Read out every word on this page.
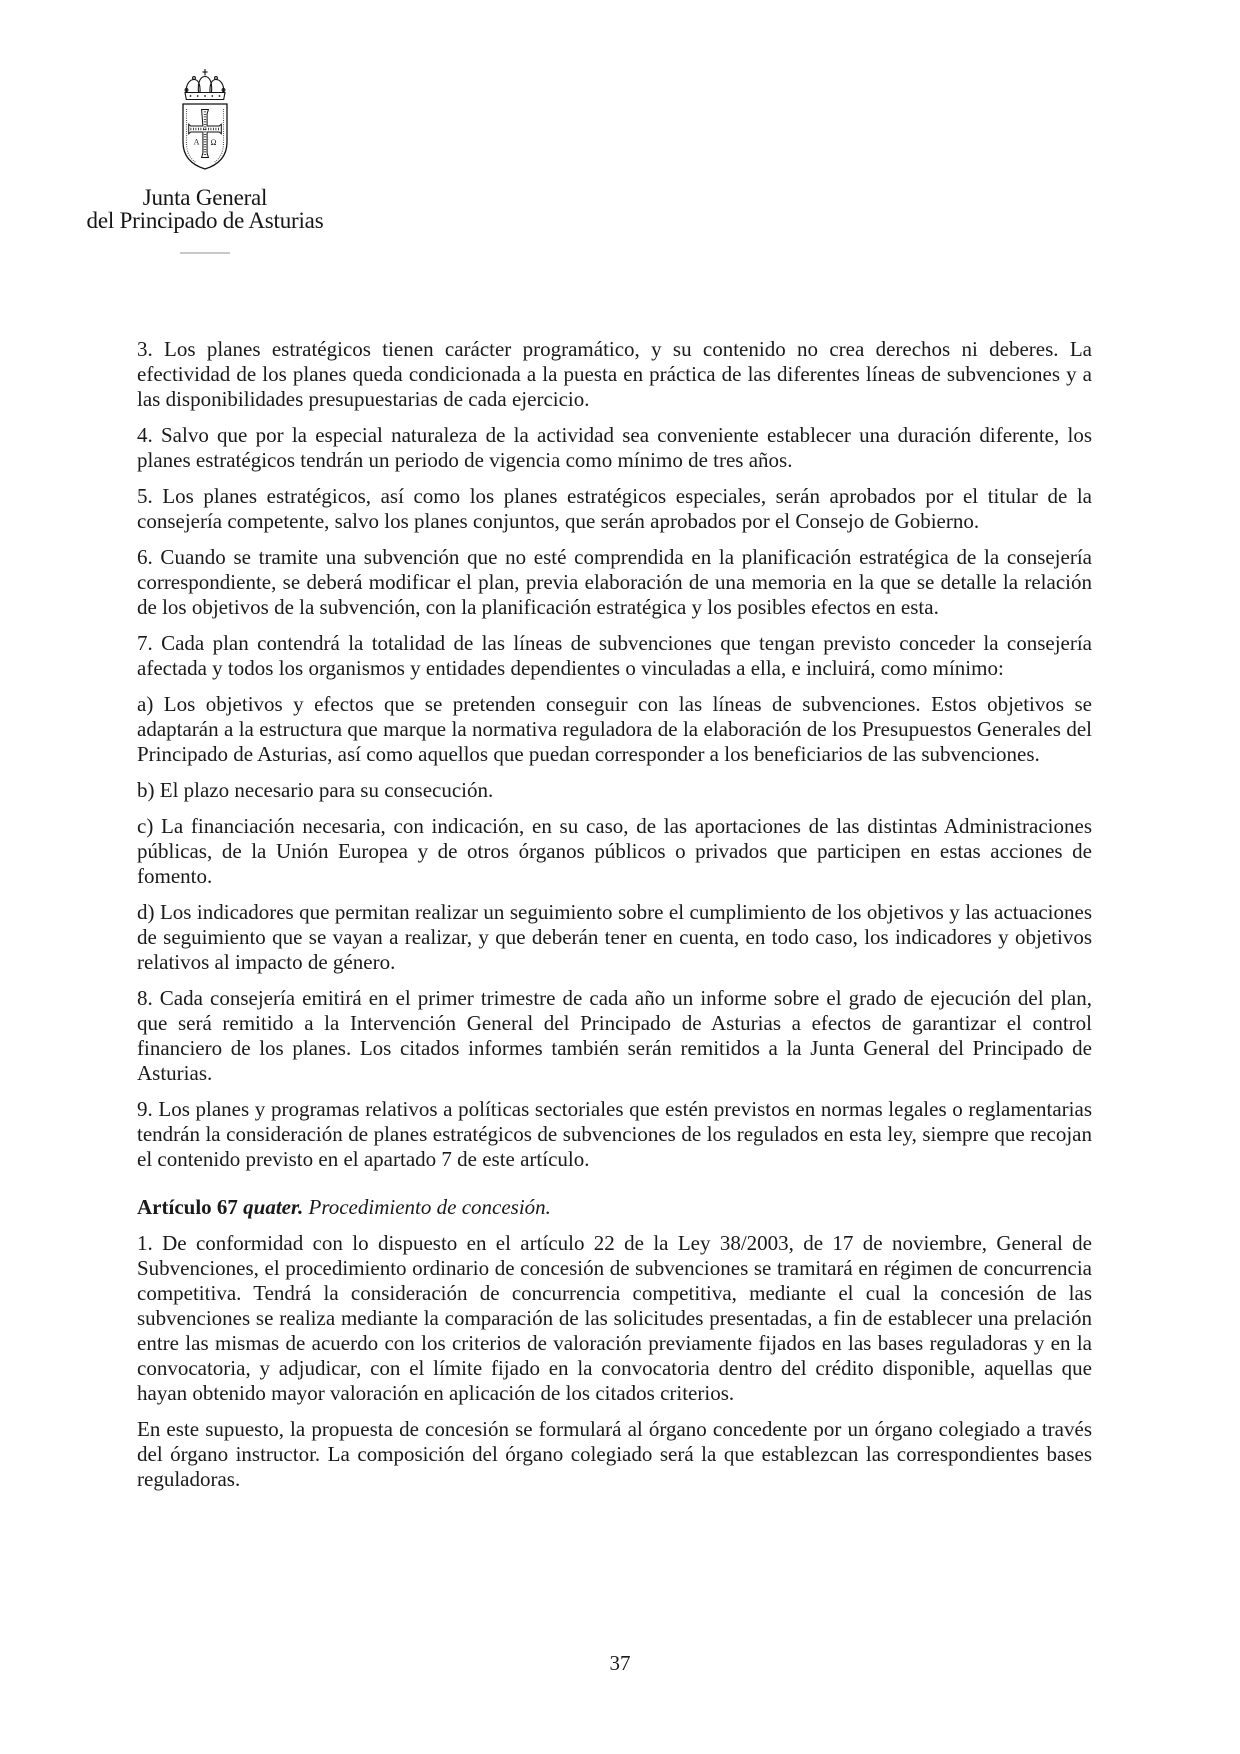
Α Ω
Junta General
del Principado de Asturias

3. Los planes estratégicos tienen carácter programático, y su contenido no crea derechos ni deberes. La efectividad de los planes queda condicionada a la puesta en práctica de las diferentes líneas de subvenciones y a las disponibilidades presupuestarias de cada ejercicio.

4. Salvo que por la especial naturaleza de la actividad sea conveniente establecer una duración diferente, los planes estratégicos tendrán un periodo de vigencia como mínimo de tres años.

5. Los planes estratégicos, así como los planes estratégicos especiales, serán aprobados por el titular de la consejería competente, salvo los planes conjuntos, que serán aprobados por el Consejo de Gobierno.

6. Cuando se tramite una subvención que no esté comprendida en la planificación estratégica de la consejería correspondiente, se deberá modificar el plan, previa elaboración de una memoria en la que se detalle la relación de los objetivos de la subvención, con la planificación estratégica y los posibles efectos en esta.

7. Cada plan contendrá la totalidad de las líneas de subvenciones que tengan previsto conceder la consejería afectada y todos los organismos y entidades dependientes o vinculadas a ella, e incluirá, como mínimo:

a) Los objetivos y efectos que se pretenden conseguir con las líneas de subvenciones. Estos objetivos se adaptarán a la estructura que marque la normativa reguladora de la elaboración de los Presupuestos Generales del Principado de Asturias, así como aquellos que puedan corresponder a los beneficiarios de las subvenciones.

b) El plazo necesario para su consecución.

c) La financiación necesaria, con indicación, en su caso, de las aportaciones de las distintas Administraciones públicas, de la Unión Europea y de otros órganos públicos o privados que participen en estas acciones de fomento.

d) Los indicadores que permitan realizar un seguimiento sobre el cumplimiento de los objetivos y las actuaciones de seguimiento que se vayan a realizar, y que deberán tener en cuenta, en todo caso, los indicadores y objetivos relativos al impacto de género.

8. Cada consejería emitirá en el primer trimestre de cada año un informe sobre el grado de ejecución del plan, que será remitido a la Intervención General del Principado de Asturias a efectos de garantizar el control financiero de los planes. Los citados informes también serán remitidos a la Junta General del Principado de Asturias.

9. Los planes y programas relativos a políticas sectoriales que estén previstos en normas legales o reglamentarias tendrán la consideración de planes estratégicos de subvenciones de los regulados en esta ley, siempre que recojan el contenido previsto en el apartado 7 de este artículo.

Artículo 67 quater. Procedimiento de concesión.

1. De conformidad con lo dispuesto en el artículo 22 de la Ley 38/2003, de 17 de noviembre, General de Subvenciones, el procedimiento ordinario de concesión de subvenciones se tramitará en régimen de concurrencia competitiva. Tendrá la consideración de concurrencia competitiva, mediante el cual la concesión de las subvenciones se realiza mediante la comparación de las solicitudes presentadas, a fin de establecer una prelación entre las mismas de acuerdo con los criterios de valoración previamente fijados en las bases reguladoras y en la convocatoria, y adjudicar, con el límite fijado en la convocatoria dentro del crédito disponible, aquellas que hayan obtenido mayor valoración en aplicación de los citados criterios.

En este supuesto, la propuesta de concesión se formulará al órgano concedente por un órgano colegiado a través del órgano instructor. La composición del órgano colegiado será la que establezcan las correspondientes bases reguladoras.

37
